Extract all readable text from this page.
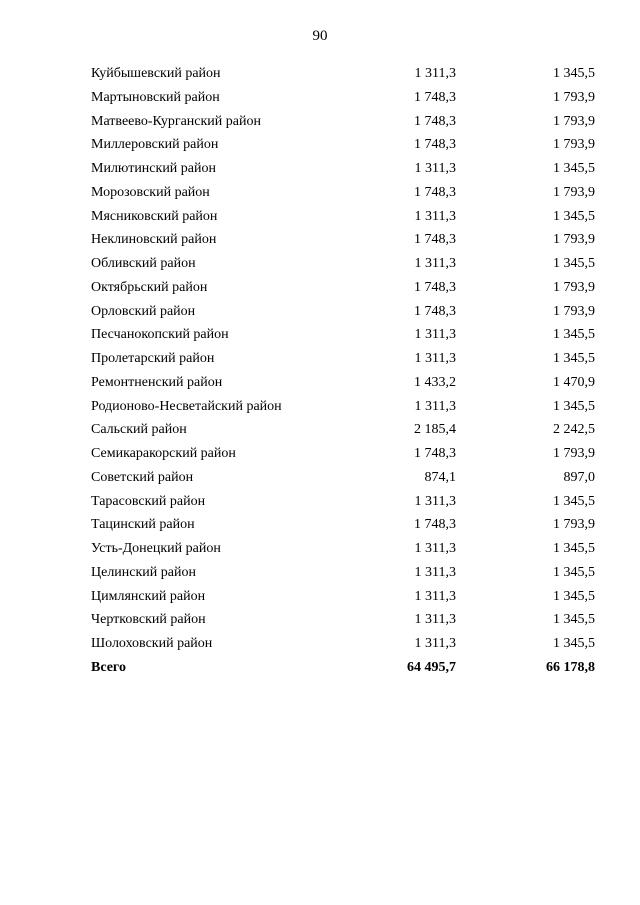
90
Куйбышевский район	1 311,3	1 345,5
Мартыновский район	1 748,3	1 793,9
Матвеево-Курганский район	1 748,3	1 793,9
Миллеровский район	1 748,3	1 793,9
Милютинский район	1 311,3	1 345,5
Морозовский район	1 748,3	1 793,9
Мясниковский район	1 311,3	1 345,5
Неклиновский район	1 748,3	1 793,9
Обливский район	1 311,3	1 345,5
Октябрьский район	1 748,3	1 793,9
Орловский район	1 748,3	1 793,9
Песчанокопский район	1 311,3	1 345,5
Пролетарский район	1 311,3	1 345,5
Ремонтненский район	1 433,2	1 470,9
Родионово-Несветайский район	1 311,3	1 345,5
Сальский район	2 185,4	2 242,5
Семикаракорский район	1 748,3	1 793,9
Советский район	874,1	897,0
Тарасовский район	1 311,3	1 345,5
Тацинский район	1 748,3	1 793,9
Усть-Донецкий район	1 311,3	1 345,5
Целинский район	1 311,3	1 345,5
Цимлянский район	1 311,3	1 345,5
Чертковский район	1 311,3	1 345,5
Шолоховский район	1 311,3	1 345,5
Всего	64 495,7	66 178,8
